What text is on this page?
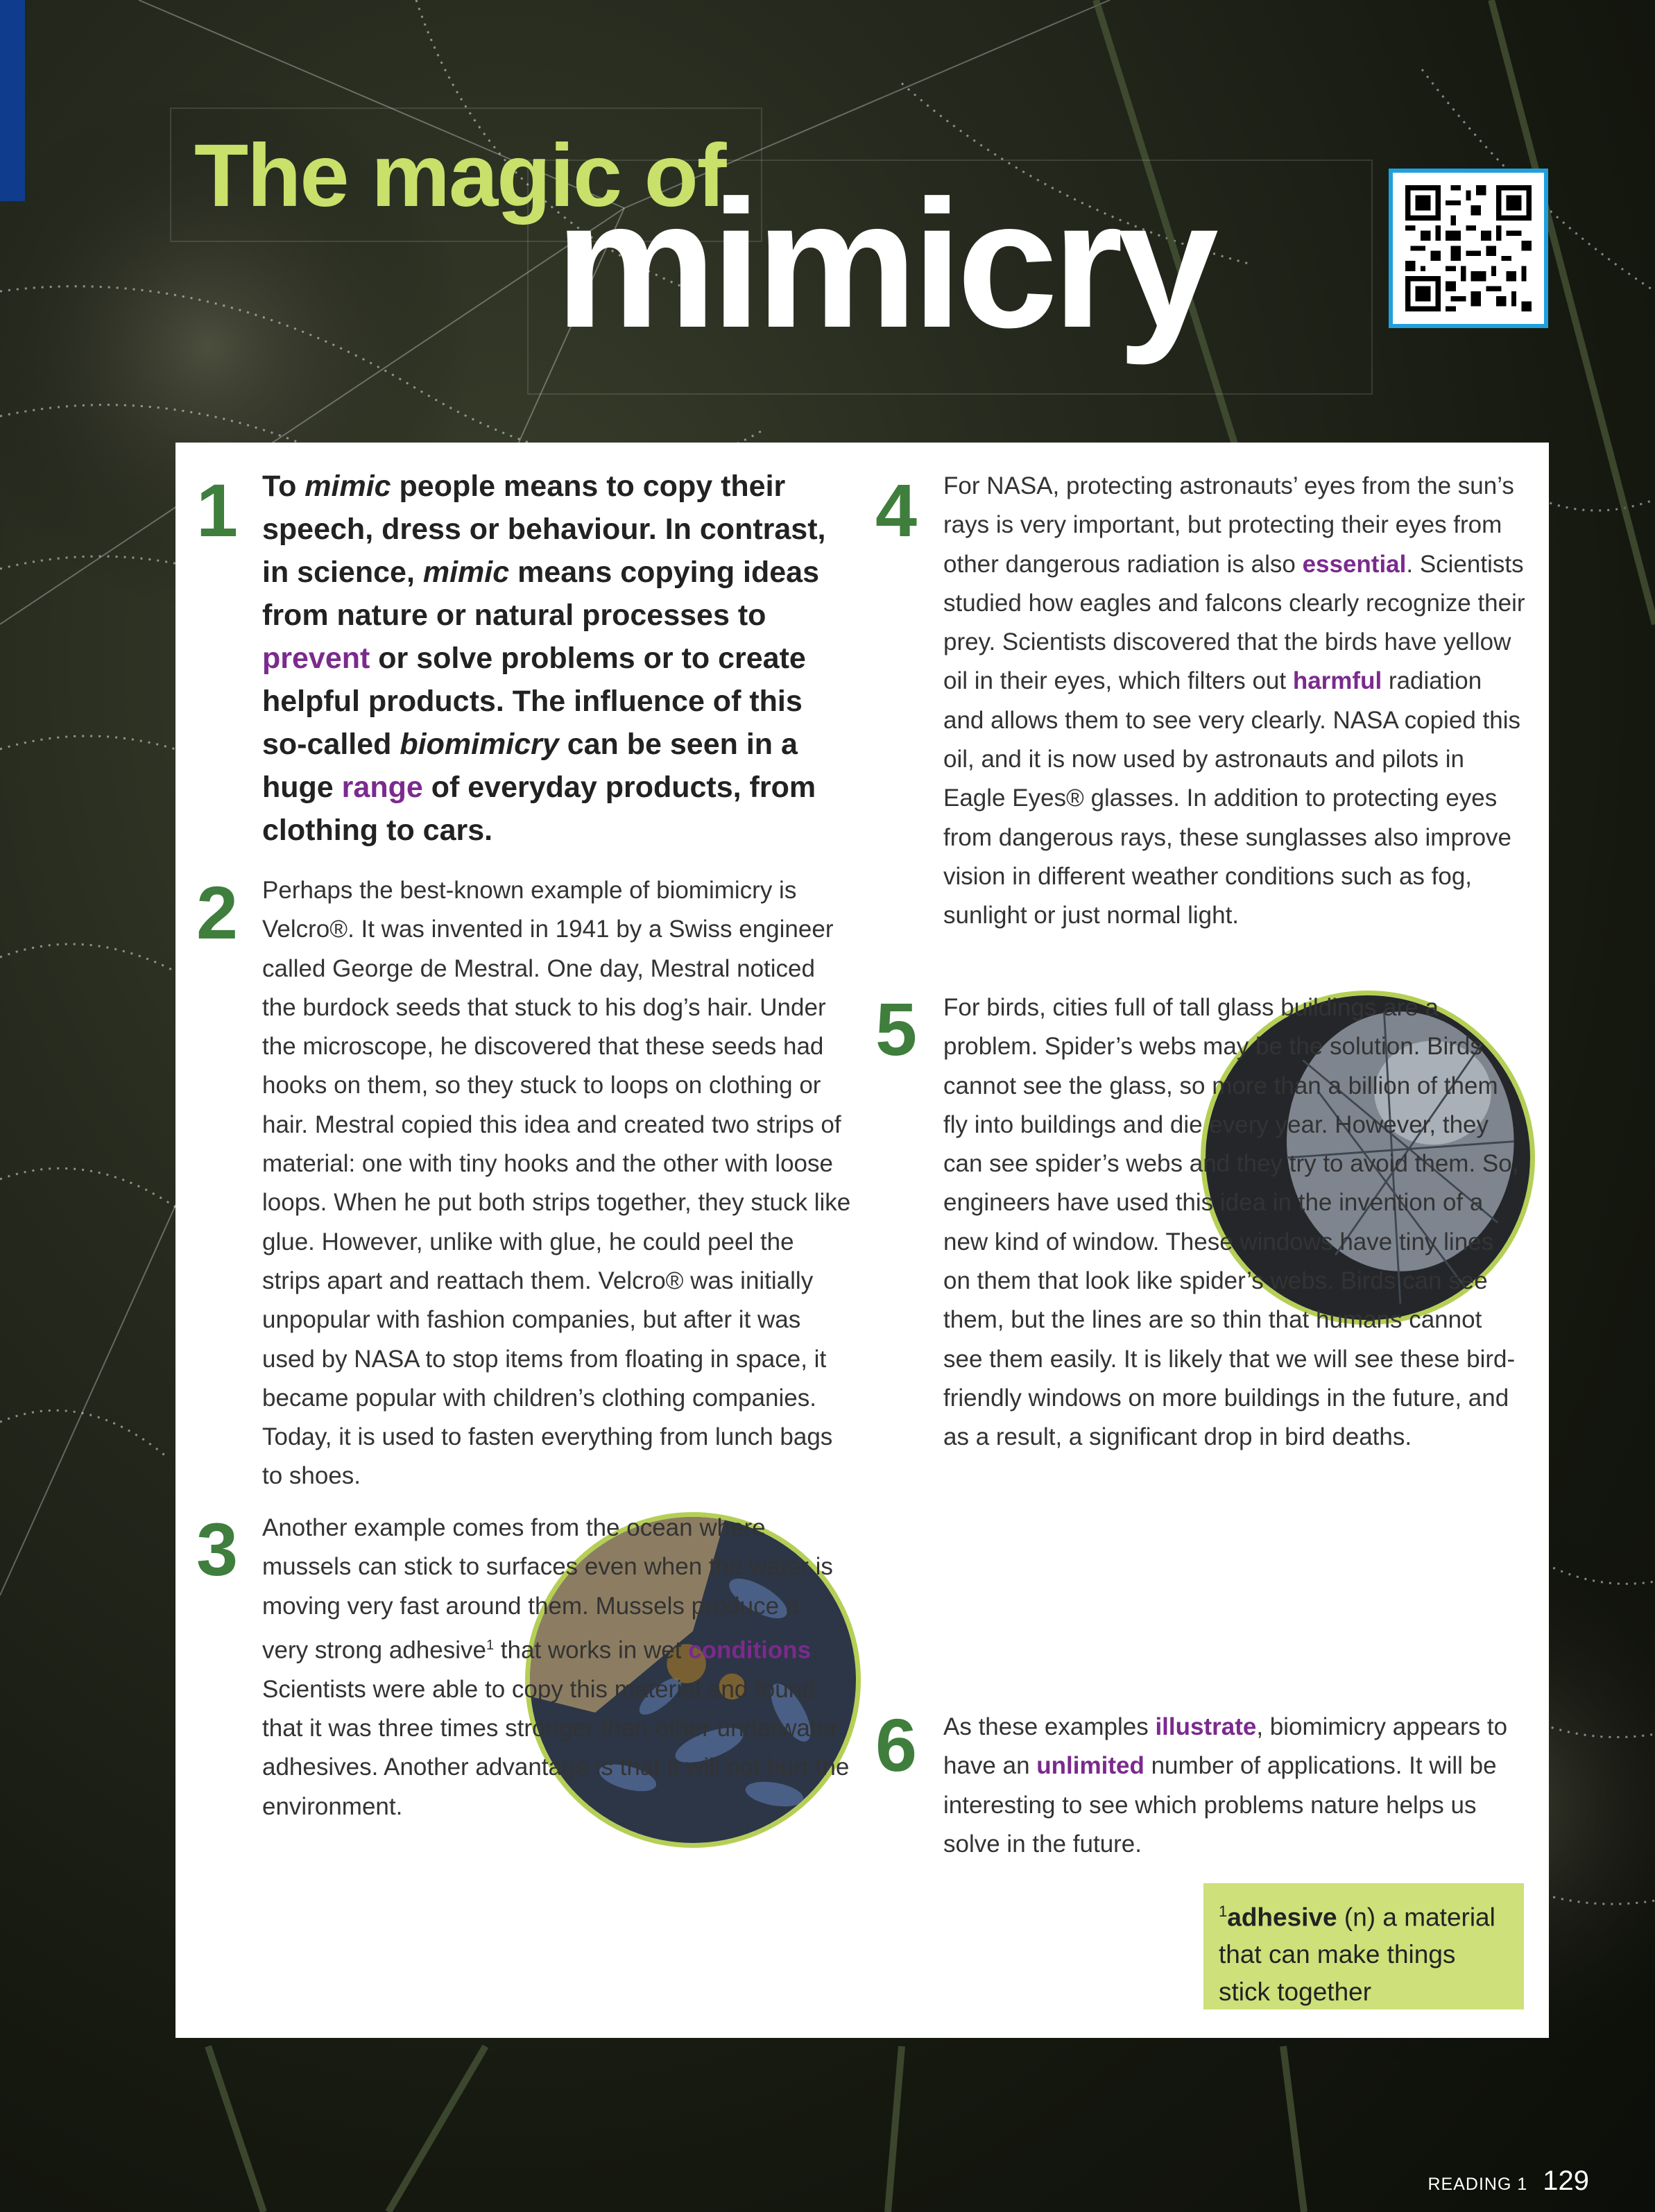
The magic of
mimicry
1 To mimic people means to copy their speech, dress or behaviour. In contrast, in science, mimic means copying ideas from nature or natural processes to prevent or solve problems or to create helpful products. The influence of this so-called biomimicry can be seen in a huge range of everyday products, from clothing to cars.
2 Perhaps the best-known example of biomimicry is Velcro®. It was invented in 1941 by a Swiss engineer called George de Mestral. One day, Mestral noticed the burdock seeds that stuck to his dog’s hair. Under the microscope, he discovered that these seeds had hooks on them, so they stuck to loops on clothing or hair. Mestral copied this idea and created two strips of material: one with tiny hooks and the other with loose loops. When he put both strips together, they stuck like glue. However, unlike with glue, he could peel the strips apart and reattach them. Velcro® was initially unpopular with fashion companies, but after it was used by NASA to stop items from floating in space, it became popular with children’s clothing companies. Today, it is used to fasten everything from lunch bags to shoes.
3 Another example comes from the ocean where mussels can stick to surfaces even when the water is moving very fast around them. Mussels produce a very strong adhesive$^1$ that works in wet conditions. Scientists were able to copy this material and found that it was three times stronger than other underwater adhesives. Another advantage is that it will not hurt the environment.
4 For NASA, protecting astronauts’ eyes from the sun’s rays is very important, but protecting their eyes from other dangerous radiation is also essential. Scientists studied how eagles and falcons clearly recognize their prey. Scientists discovered that the birds have yellow oil in their eyes, which filters out harmful radiation and allows them to see very clearly. NASA copied this oil, and it is now used by astronauts and pilots in Eagle Eyes® glasses. In addition to protecting eyes from dangerous rays, these sunglasses also improve vision in different weather conditions such as fog, sunlight or just normal light.
5 For birds, cities full of tall glass buildings are a problem. Spider’s webs may be the solution. Birds cannot see the glass, so more than a billion of them fly into buildings and die every year. However, they can see spider’s webs and they try to avoid them. So, engineers have used this idea in the invention of a new kind of window. These windows have tiny lines on them that look like spider’s webs. Birds can see them, but the lines are so thin that humans cannot see them easily. It is likely that we will see these bird-friendly windows on more buildings in the future, and as a result, a significant drop in bird deaths.
6 As these examples illustrate, biomimicry appears to have an unlimited number of applications. It will be interesting to see which problems nature helps us solve in the future.
$^1$adhesive (n) a material that can make things stick together
READING 1 129
